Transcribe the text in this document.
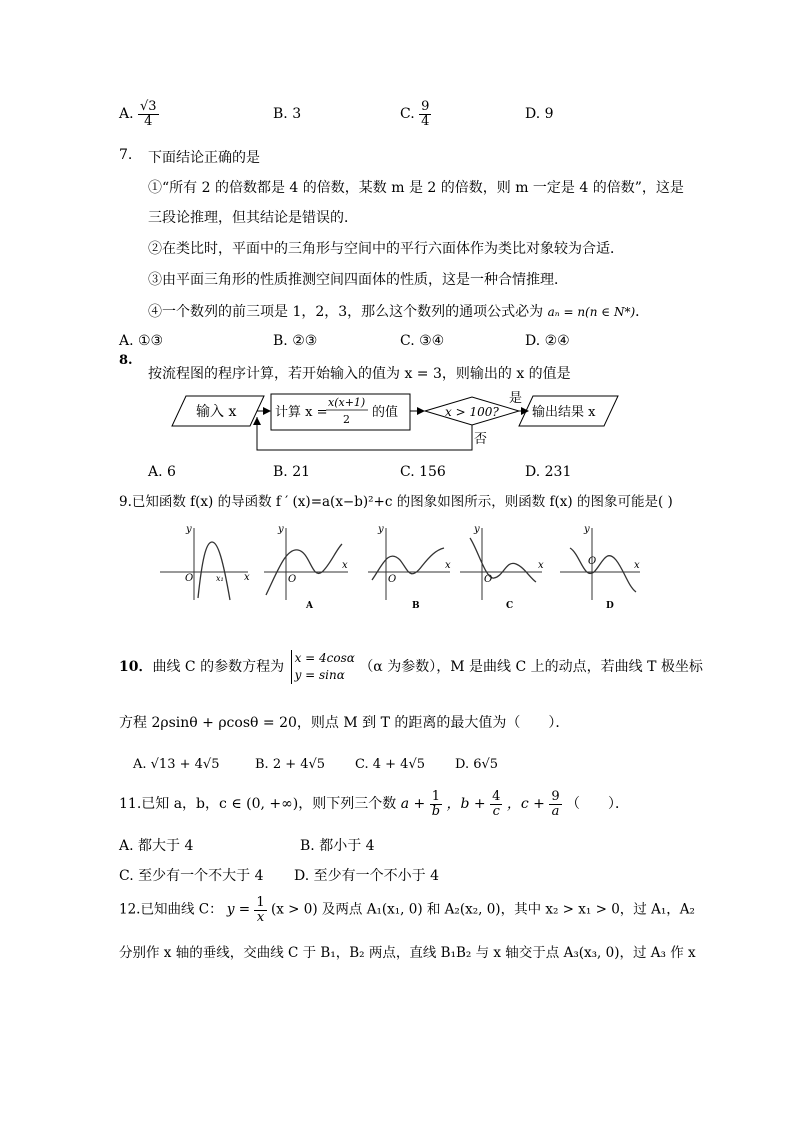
A. $\frac{√3}{4}$	B. 3	C. $\frac{9}{4}$	D. 9
7. 下面结论正确的是
①“所有 2 的倍数都是 4 的倍数，某数 m 是 2 的倍数，则 m 一定是 4 的倍数”，这是
三段论推理，但其结论是错误的．
②在类比时，平面中的三角形与空间中的平行六面体作为类比对象较为合适．
③由平面三角形的性质推测空间四面体的性质，这是一种合情推理．
④一个数列的前三项是 1，2，3，那么这个数列的通项公式必为 aₙ = n(n ∈ N*)．
A. ①③	B. ②③	C. ③④	D. ②④
8.
按流程图的程序计算，若开始输入的值为 x = 3，则输出的 x 的值是
输入 x	计算 x =
x(x+1)
2 的值	x > 100?
是
输出结果 x
否
A. 6	B. 21	C. 156	D. 231
9.已知函数 f(x) 的导函数 f ′ (x)=a(x−b)²+c 的图象如图所示，则函数 f(x) 的图象可能是( )
y
x
O	x₁
y
x
O
y
x
O
y
x
O
y
x
O
A	B	C	D
10．曲线 C 的参数方程为
x = 4cosα
y = sinα	（α 为参数），M 是曲线 C 上的动点，若曲线 T 极坐标
方程 2ρsinθ + ρcosθ = 20，则点 M 到 T 的距离的最大值为（　　）．
A. √13 + 4√5	B. 2 + 4√5 C. 4 + 4√5 D. 6√5
11.已知 a，b，c ∈ (0, +∞)，则下列三个数 $a + \frac{1}{b}$ ，$b + \frac{4}{c}$ ，$c + \frac{9}{a}$ （　　）．
A. 都大于 4	B. 都小于 4
C. 至少有一个不大于 4 D. 至少有一个不小于 4
12.已知曲线 C： $y = \frac{1}{x} (x > 0)$ 及两点 A₁(x₁, 0) 和 A₂(x₂, 0)，其中 x₂ > x₁ > 0，过 A₁，A₂
分别作 x 轴的垂线，交曲线 C 于 B₁，B₂ 两点，直线 B₁B₂ 与 x 轴交于点 A₃(x₃, 0)，过 A₃ 作 x
